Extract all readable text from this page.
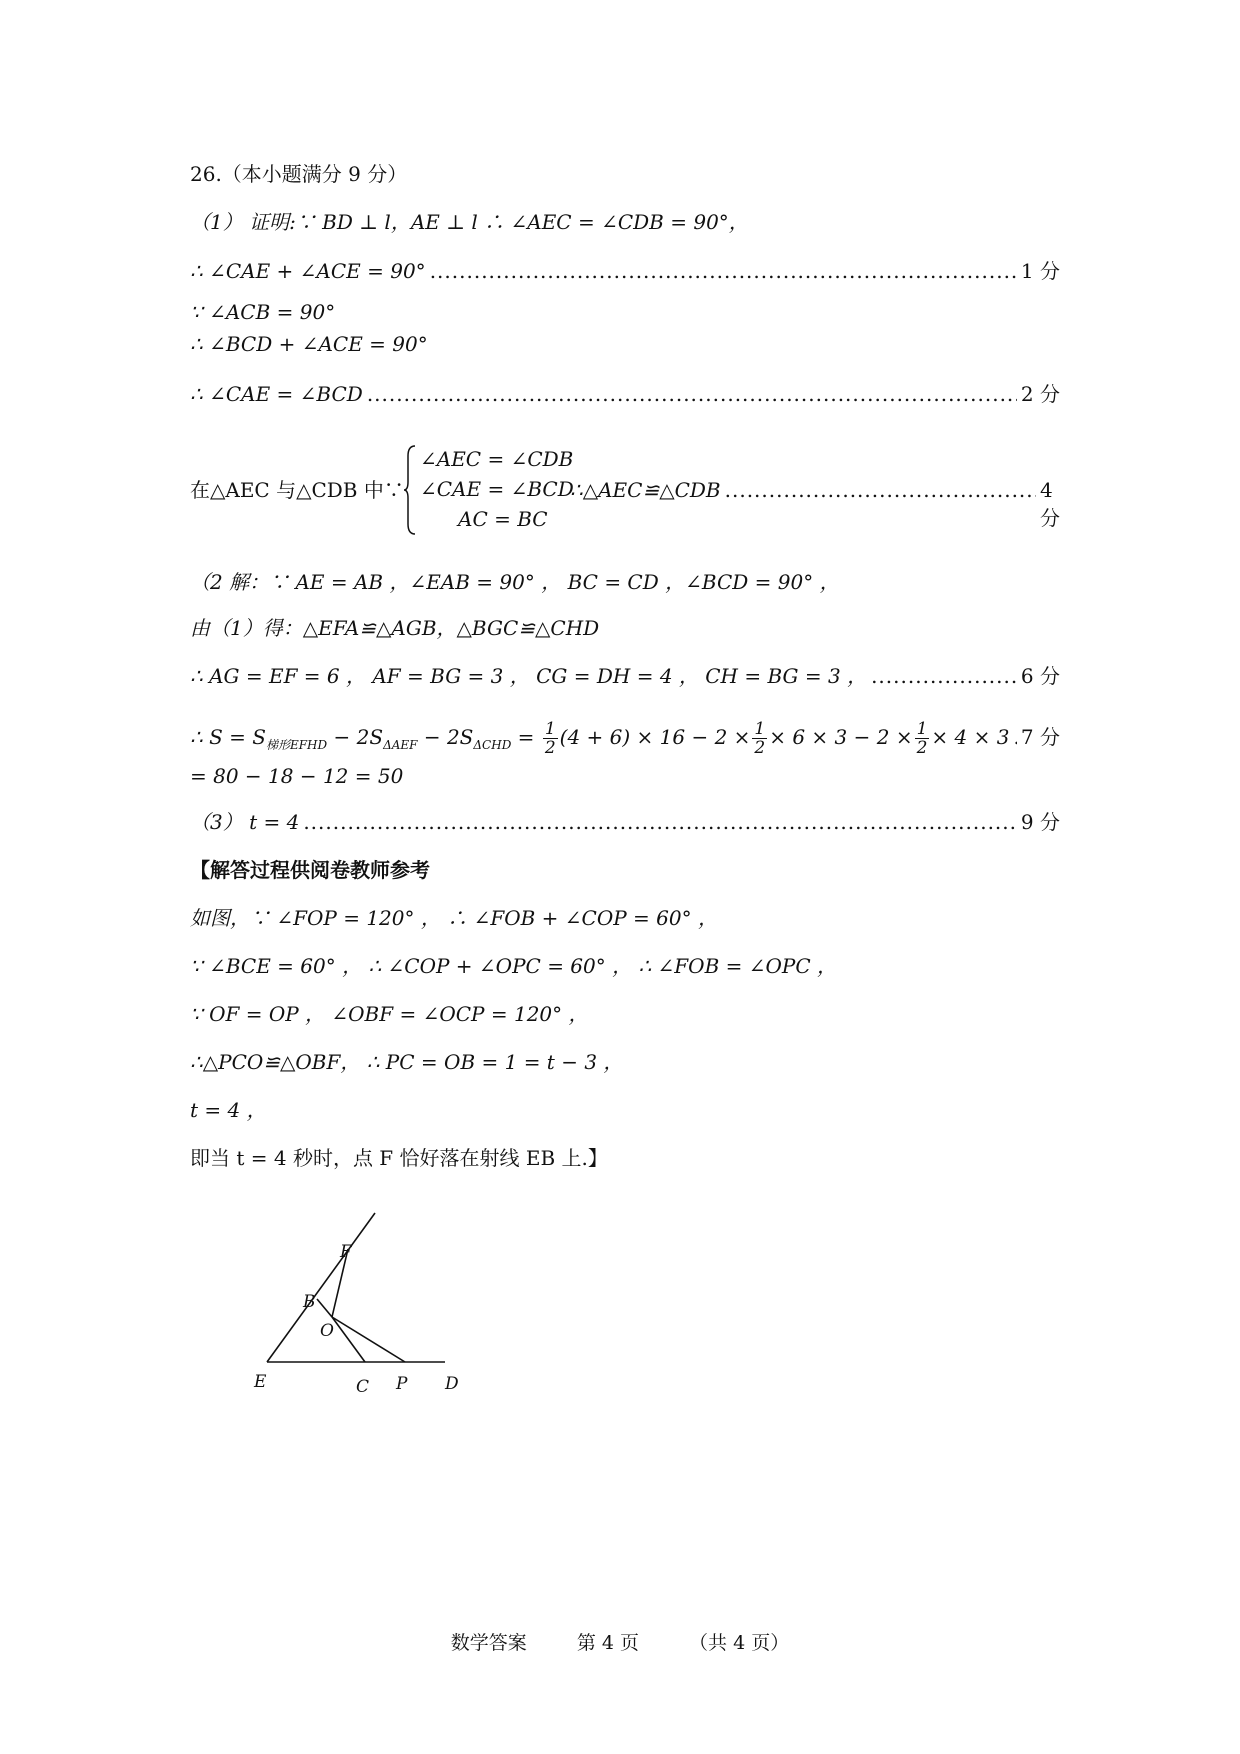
26.（本小题满分 9 分）
（1） 证明:∵ BD ⊥ l，AE ⊥ l ∴ ∠AEC = ∠CDB = 90°，
∴ ∠CAE + ∠ACE = 90° .....	1 分
∵ ∠ACB = 90°
∴ ∠BCD + ∠ACE = 90°
∴ ∠CAE = ∠BCD .....	2 分
在△AEC 与△CDB 中∵
∠AEC = ∠CDB
∠CAE = ∠BCD
AC = BC
∴△AEC≌△CDB .....	4 分
（2 解：∵ AE = AB ，∠EAB = 90° ， BC = CD ，∠BCD = 90° ，
由（1）得：△EFA≌△AGB，△BGC≌△CHD
∴ AG = EF = 6 ， AF = BG = 3 ， CG = DH = 4 ， CH = BG = 3 ， .....	6 分
∴ $S = S_{梯形EFHD} - 2S_{\Delta AEF} - 2S_{\Delta CHD} = \frac{1}{2} (4 + 6) \times 16 - 2 \times \frac{1}{2} \times 6 \times 3 - 2 \times \frac{1}{2} \times 4 \times 3$ ..... 7 分
= 80 − 18 − 12 = 50
（3） t = 4 .....	9 分
【解答过程供阅卷教师参考
如图，∵ ∠FOP = 120° ， ∴ ∠FOB + ∠COP = 60° ，
∵ ∠BCE = 60° ， ∴ ∠COP + ∠OPC = 60° ， ∴ ∠FOB = ∠OPC ，
∵ OF = OP ， ∠OBF = ∠OCP = 120° ，
∴△PCO≌△OBF， ∴ PC = OB = 1 = t − 3 ，
t = 4 ，
即当 t = 4 秒时，点 F 恰好落在射线 EB 上.】
F
B
O
E	C P D
数学答案	第 4 页	（共 4 页）
